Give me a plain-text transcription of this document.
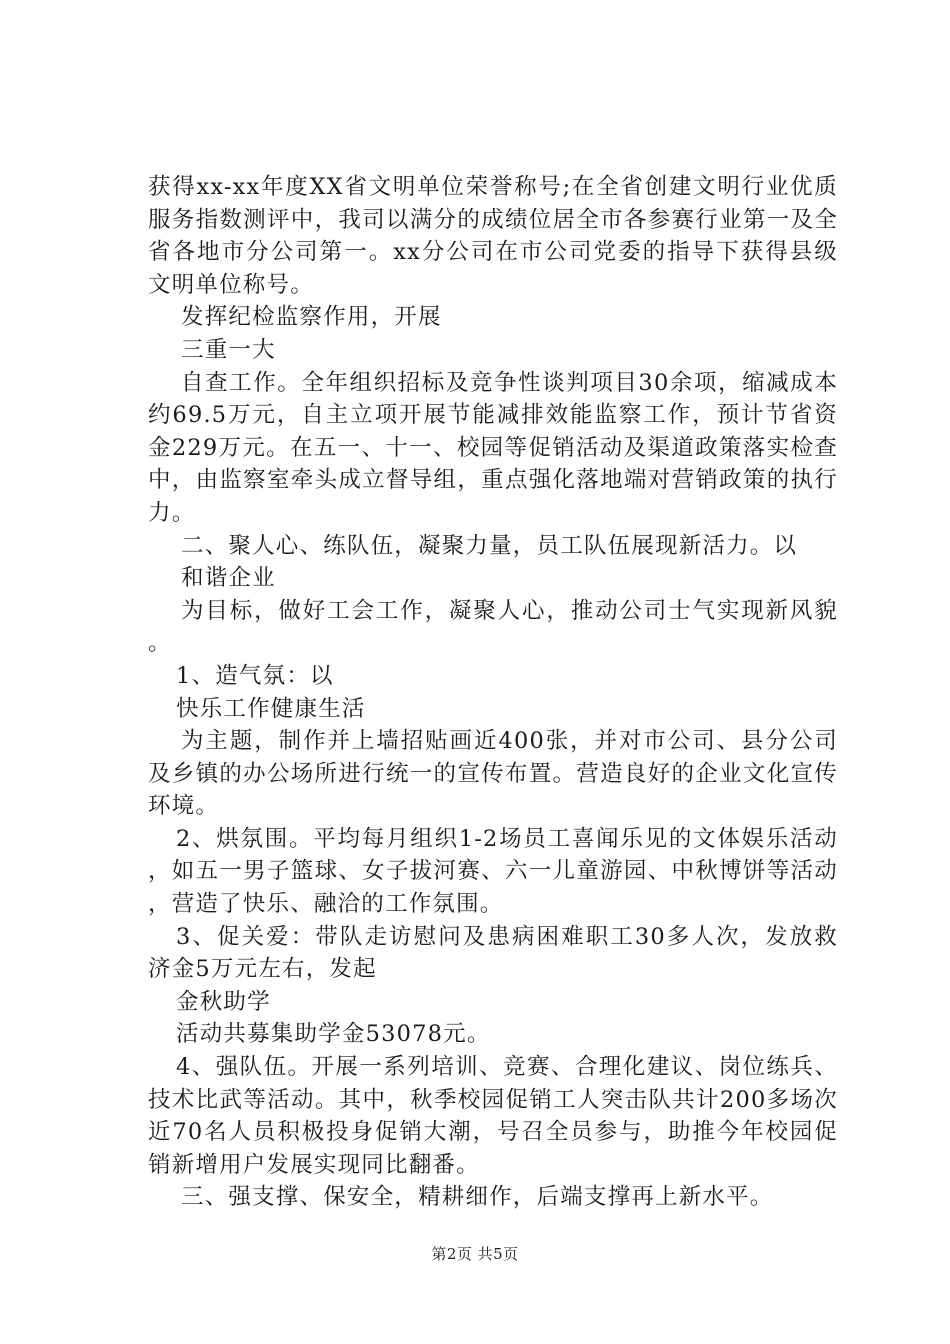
获得xx-xx年度XX省文明单位荣誉称号;在全省创建文明行业优质服务指数测评中，我司以满分的成绩位居全市各参赛行业第一及全省各地市分公司第一。xx分公司在市公司党委的指导下获得县级文明单位称号。

发挥纪检监察作用，开展

三重一大

自查工作。全年组织招标及竞争性谈判项目30余项，缩减成本约69.5万元，自主立项开展节能减排效能监察工作，预计节省资金229万元。在五一、十一、校园等促销活动及渠道政策落实检查中，由监察室牵头成立督导组，重点强化落地端对营销政策的执行力。

二、聚人心、练队伍，凝聚力量，员工队伍展现新活力。以

和谐企业

为目标，做好工会工作，凝聚人心，推动公司士气实现新风貌。

1、造气氛：以

快乐工作健康生活

为主题，制作并上墙招贴画近400张，并对市公司、县分公司及乡镇的办公场所进行统一的宣传布置。营造良好的企业文化宣传环境。

2、烘氛围。平均每月组织1-2场员工喜闻乐见的文体娱乐活动，如五一男子篮球、女子拔河赛、六一儿童游园、中秋博饼等活动，营造了快乐、融洽的工作氛围。

3、促关爱：带队走访慰问及患病困难职工30多人次，发放救济金5万元左右，发起

金秋助学

活动共募集助学金53078元。

4、强队伍。开展一系列培训、竞赛、合理化建议、岗位练兵、技术比武等活动。其中，秋季校园促销工人突击队共计200多场次近70名人员积极投身促销大潮，号召全员参与，助推今年校园促销新增用户发展实现同比翻番。

三、强支撑、保安全，精耕细作，后端支撑再上新水平。

第2页 共5页
